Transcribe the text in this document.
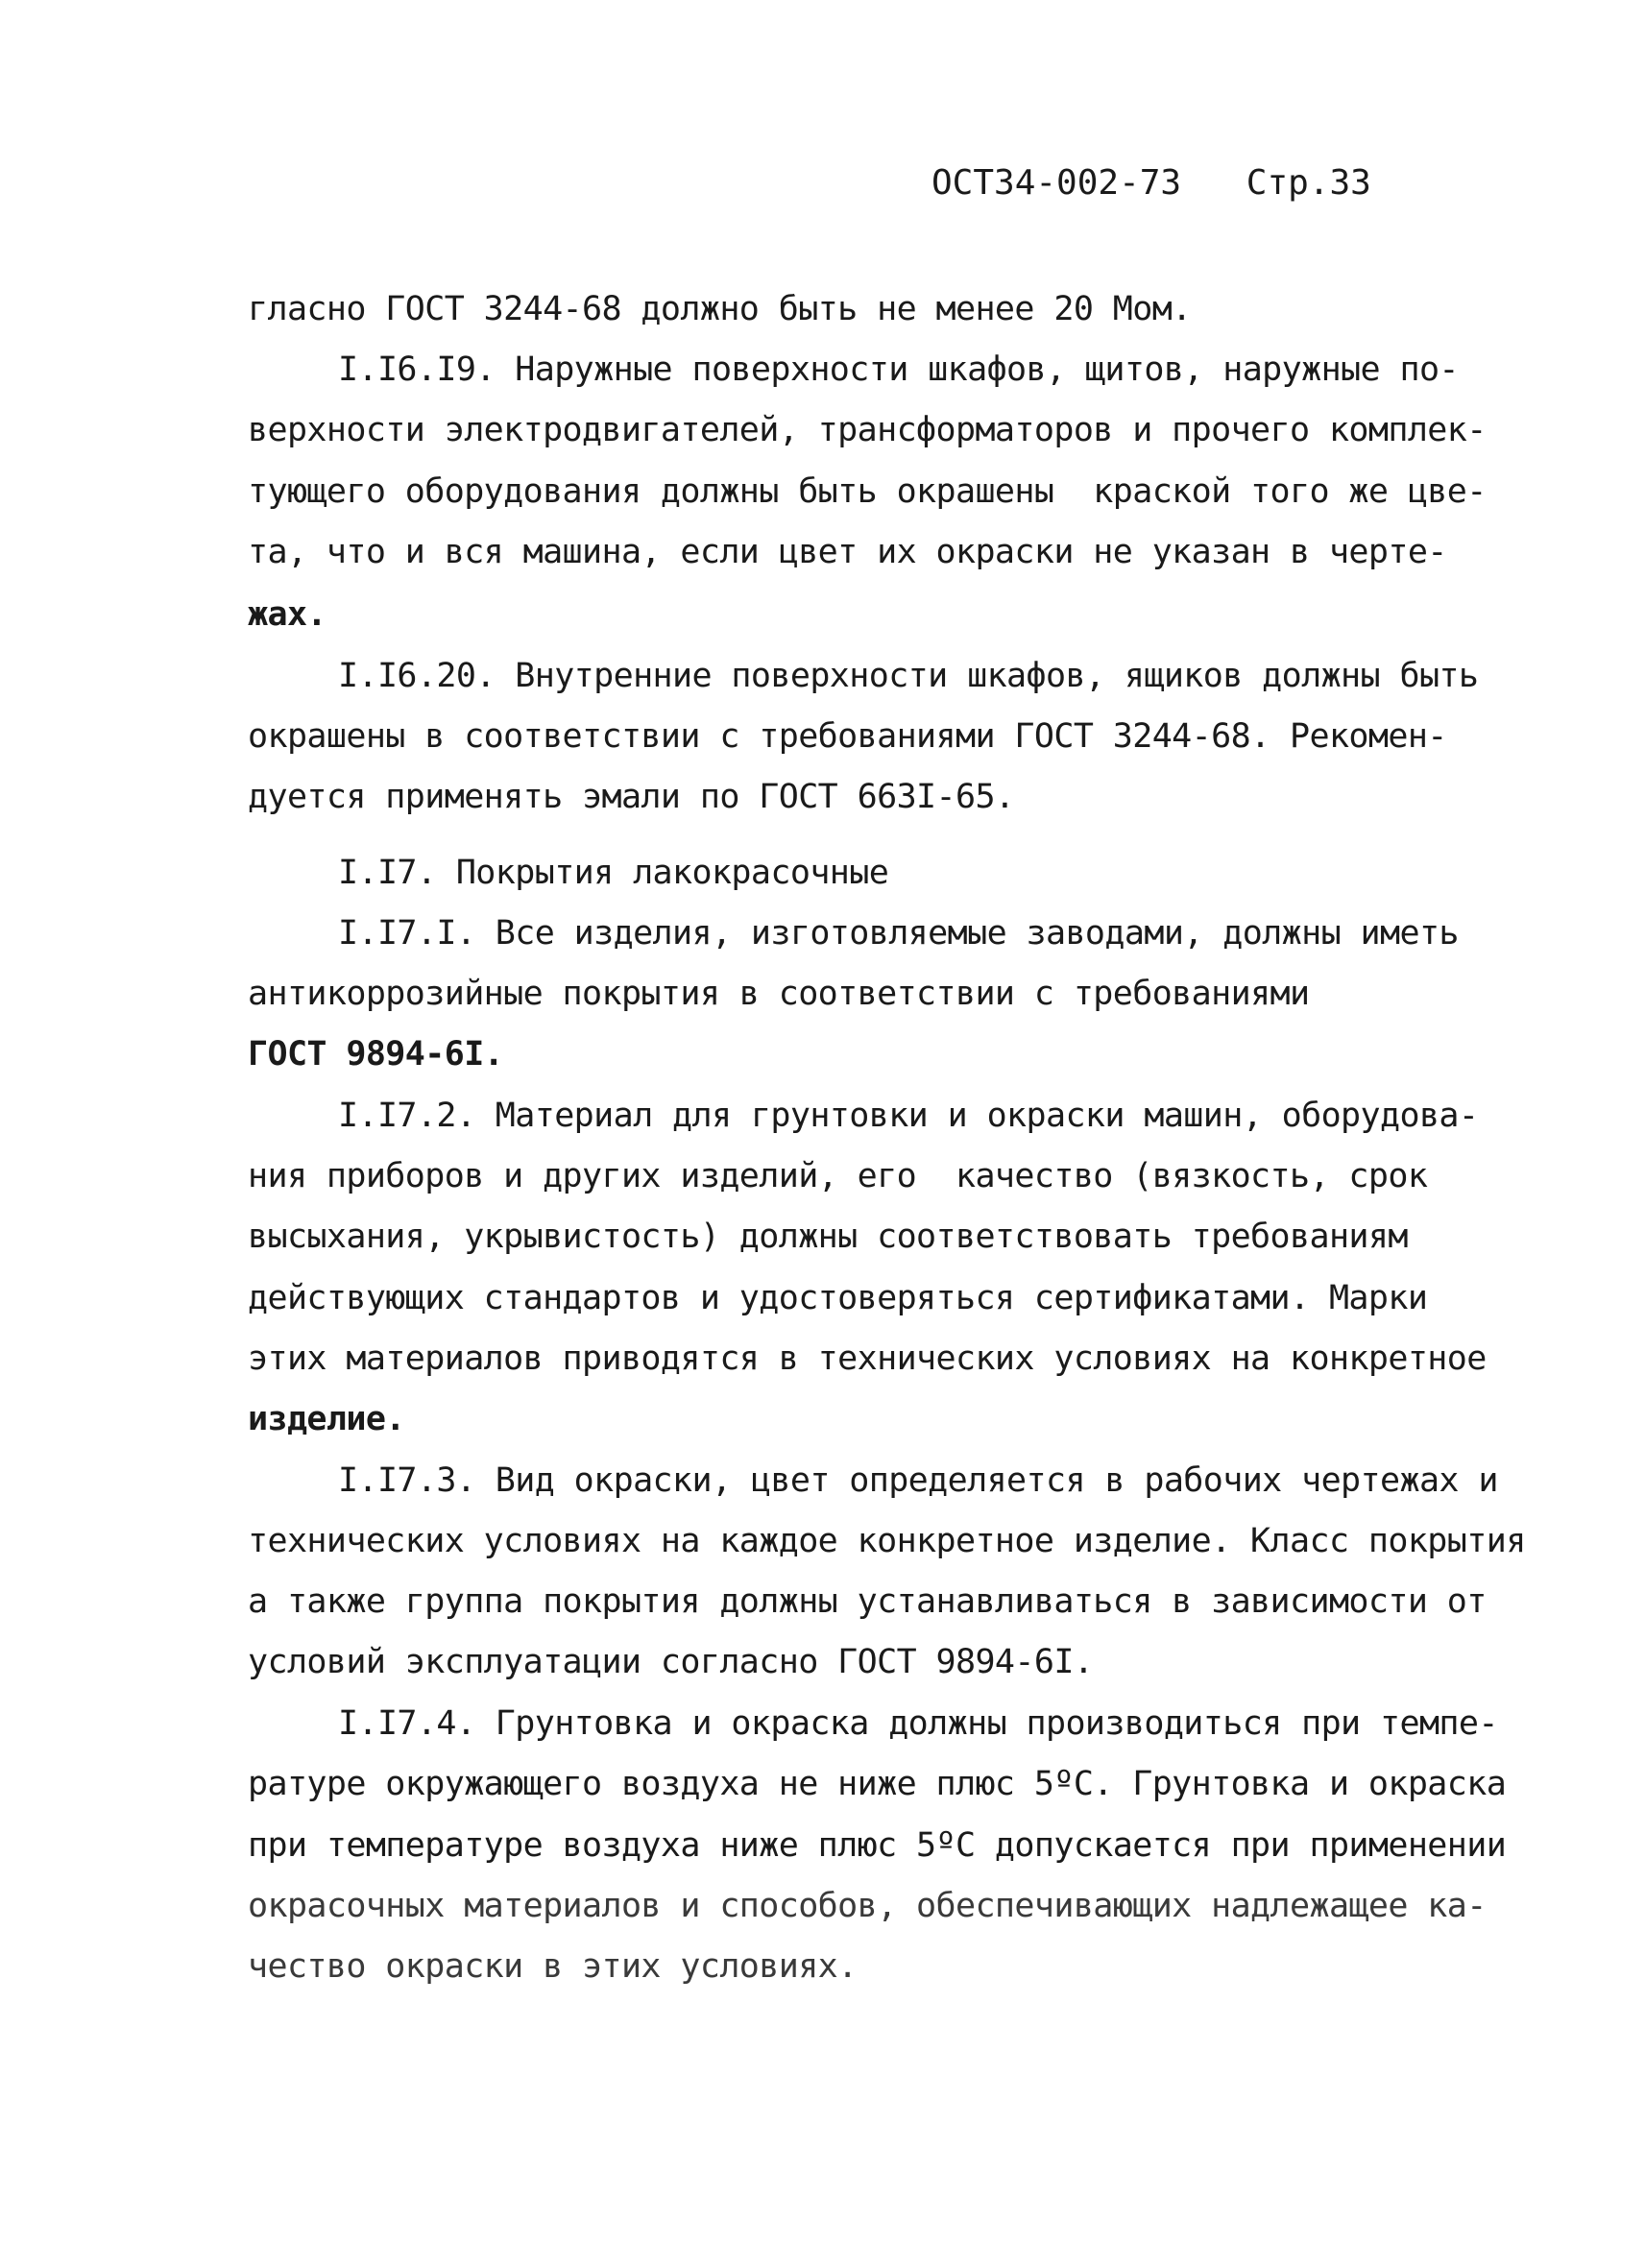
ОСТ34-002-73 Стр.33
гласно ГОСТ 3244-68 должно быть не менее 20 Мом.
I.I6.I9. Наружные поверхности шкафов, щитов, наружные по-
верхности электродвигателей, трансформаторов и прочего комплек-
тующего оборудования должны быть окрашены  краской того же цве-
та, что и вся машина, если цвет их окраски не указан в черте-
жах.
I.I6.20. Внутренние поверхности шкафов, ящиков должны быть
окрашены в соответствии с требованиями ГОСТ 3244-68. Рекомен-
дуется применять эмали по ГОСТ 663I-65.
I.I7. Покрытия лакокрасочные
I.I7.I. Все изделия, изготовляемые заводами, должны иметь
антикоррозийные покрытия в соответствии с требованиями
ГОСТ 9894-6I.
I.I7.2. Материал для грунтовки и окраски машин, оборудова-
ния приборов и других изделий, его  качество (вязкость, срок
высыхания, укрывистость) должны соответствовать требованиям
действующих стандартов и удостоверяться сертификатами. Марки
этих материалов приводятся в технических условиях на конкретное
изделие.
I.I7.3. Вид окраски, цвет определяется в рабочих чертежах и
технических условиях на каждое конкретное изделие. Класс покрытия
а также группа покрытия должны устанавливаться в зависимости от
условий эксплуатации согласно ГОСТ 9894-6I.
I.I7.4. Грунтовка и окраска должны производиться при темпе-
ратуре окружающего воздуха не ниже плюс 5ºС. Грунтовка и окраска
при температуре воздуха ниже плюс 5ºС допускается при применении
окрасочных материалов и способов, обеспечивающих надлежащее ка-
чество окраски в этих условиях.
